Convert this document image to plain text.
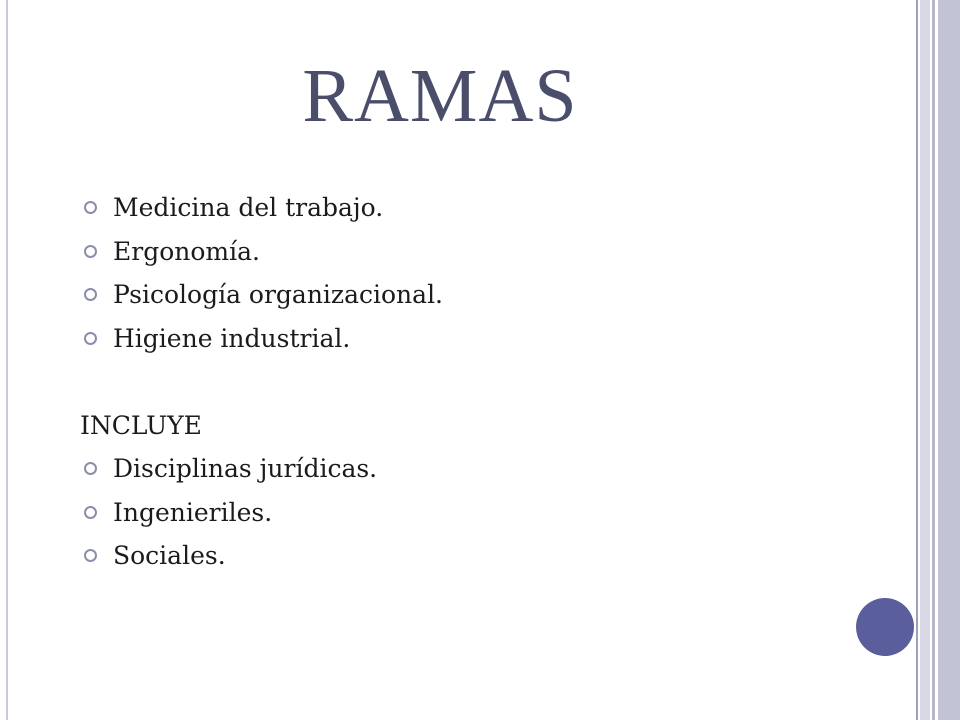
RAMAS
Medicina del trabajo.
Ergonomía.
Psicología organizacional.
Higiene industrial.
INCLUYE
Disciplinas jurídicas.
Ingenieriles.
Sociales.
